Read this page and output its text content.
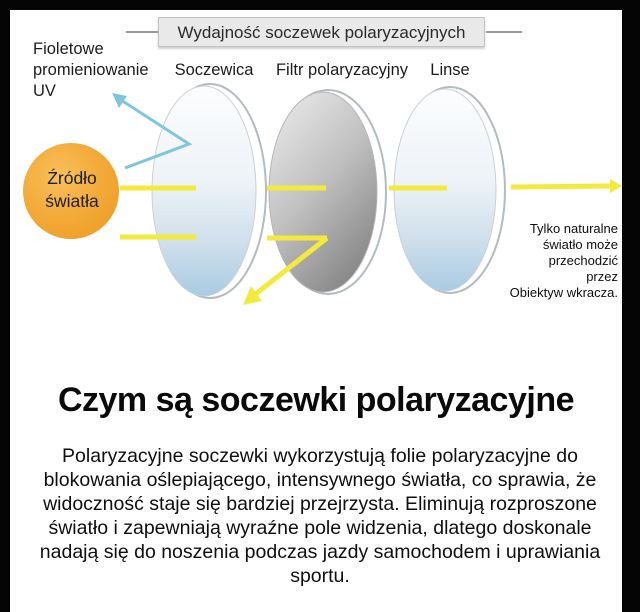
Wydajność soczewek polaryzacyjnych
Fioletowe
promieniowanie
UV
Soczewica Filtr polaryzacyjny Linse
Źródło
światła
Tylko naturalne
światło może
przechodzić
przez
Obiektyw wkracza.
Czym są soczewki polaryzacyjne
Polaryzacyjne soczewki wykorzystują folie polaryzacyjne do
blokowania oślepiającego, intensywnego światła, co sprawia, że
widoczność staje się bardziej przejrzysta. Eliminują rozproszone
światło i zapewniają wyraźne pole widzenia, dlatego doskonale
nadają się do noszenia podczas jazdy samochodem i uprawiania
sportu.
